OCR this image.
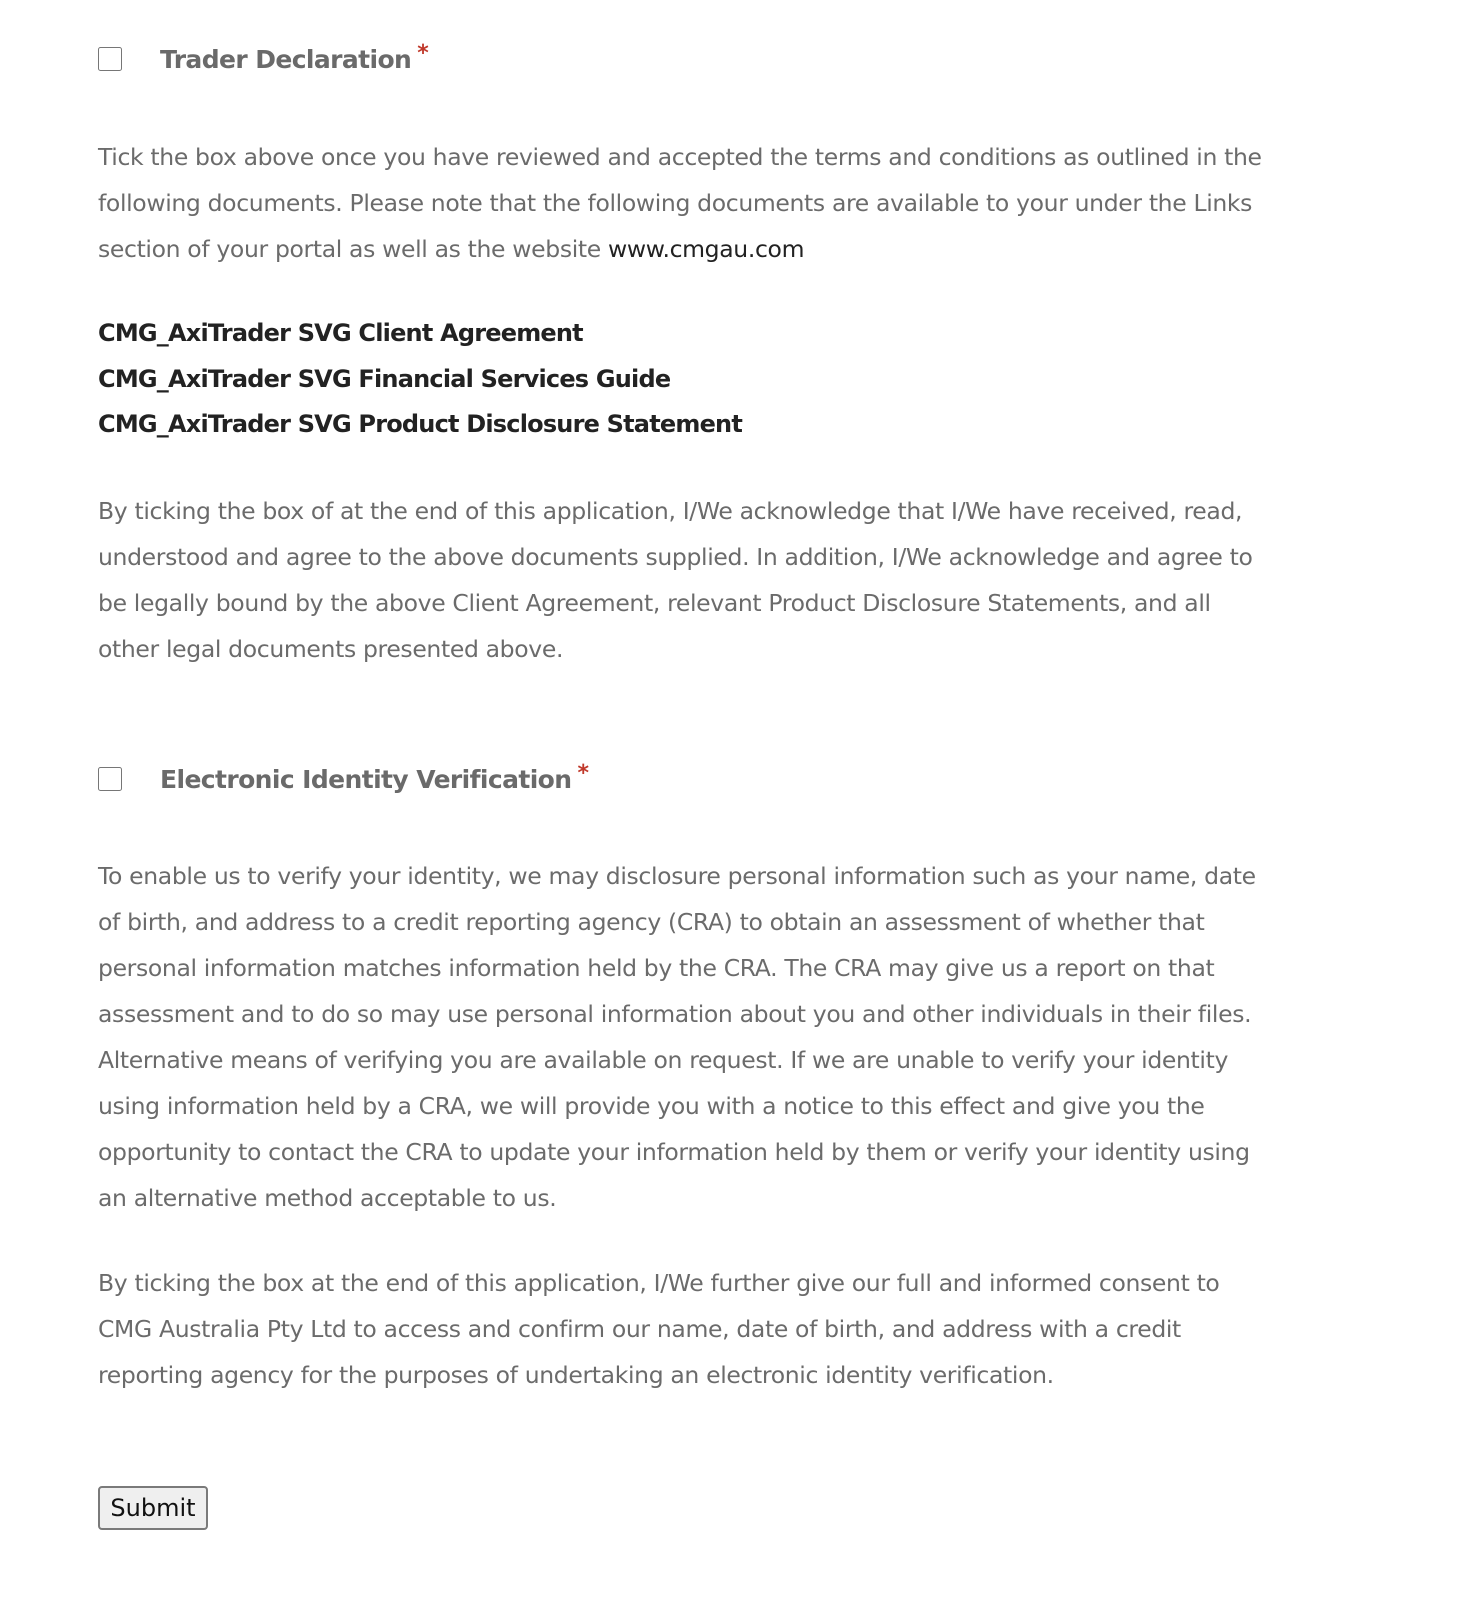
Trader Declaration *

Tick the box above once you have reviewed and accepted the terms and conditions as outlined in the following documents. Please note that the following documents are available to your under the Links section of your portal as well as the website www.cmgau.com

CMG_AxiTrader SVG Client Agreement
CMG_AxiTrader SVG Financial Services Guide
CMG_AxiTrader SVG Product Disclosure Statement

By ticking the box of at the end of this application, I/We acknowledge that I/We have received, read, understood and agree to the above documents supplied. In addition, I/We acknowledge and agree to be legally bound by the above Client Agreement, relevant Product Disclosure Statements, and all other legal documents presented above.

Electronic Identity Verification *

To enable us to verify your identity, we may disclosure personal information such as your name, date of birth, and address to a credit reporting agency (CRA) to obtain an assessment of whether that personal information matches information held by the CRA. The CRA may give us a report on that assessment and to do so may use personal information about you and other individuals in their files. Alternative means of verifying you are available on request. If we are unable to verify your identity using information held by a CRA, we will provide you with a notice to this effect and give you the opportunity to contact the CRA to update your information held by them or verify your identity using an alternative method acceptable to us.

By ticking the box at the end of this application, I/We further give our full and informed consent to CMG Australia Pty Ltd to access and confirm our name, date of birth, and address with a credit reporting agency for the purposes of undertaking an electronic identity verification.

Submit
